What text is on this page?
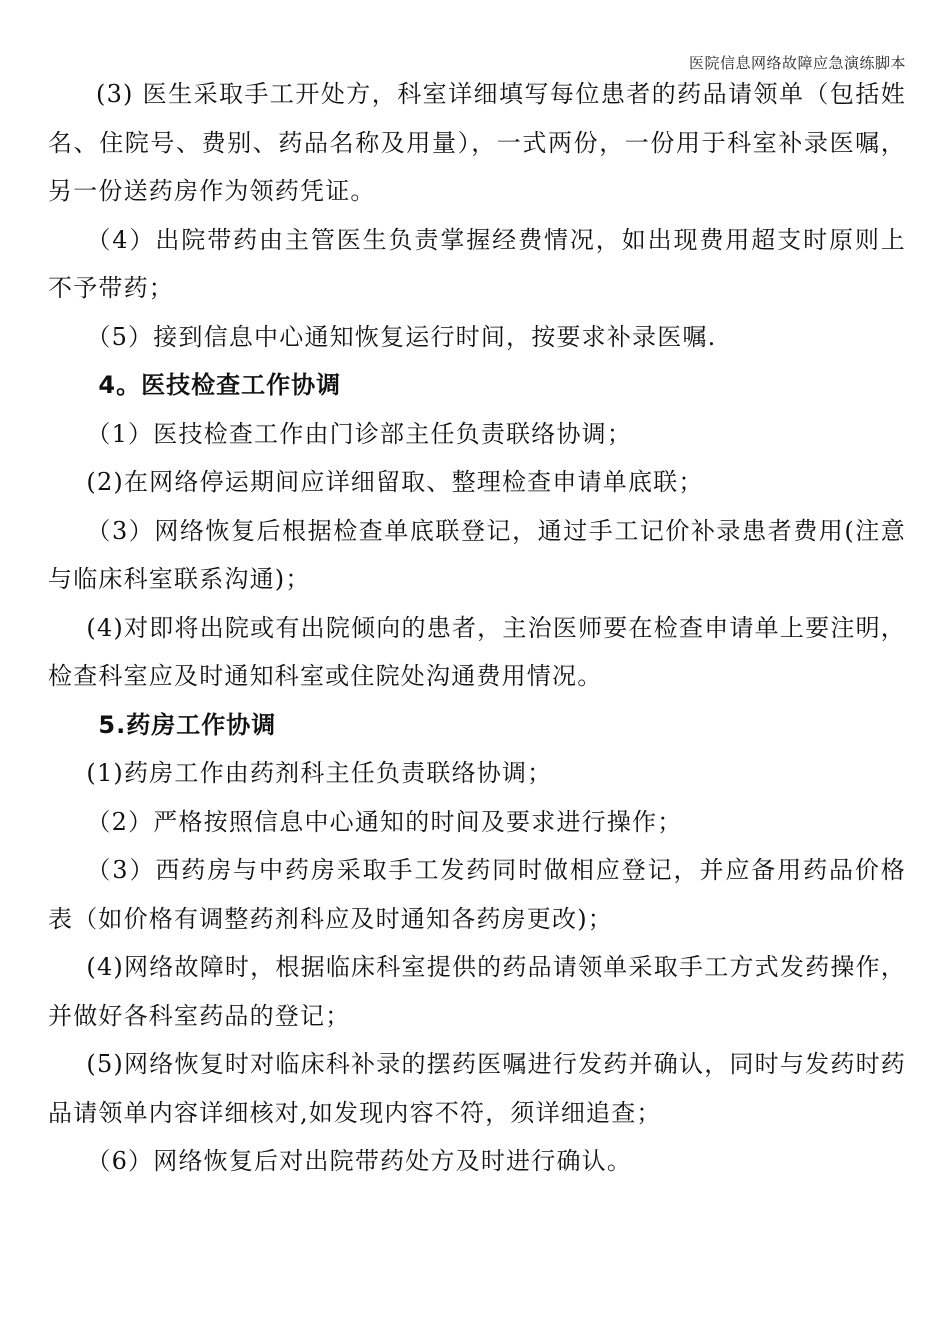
医院信息网络故障应急演练脚本

(3) 医生采取手工开处方，科室详细填写每位患者的药品请领单（包括姓名、住院号、费别、药品名称及用量），一式两份，一份用于科室补录医嘱，另一份送药房作为领药凭证。

（4）出院带药由主管医生负责掌握经费情况，如出现费用超支时原则上不予带药；

（5）接到信息中心通知恢复运行时间，按要求补录医嘱.

4。医技检查工作协调

（1）医技检查工作由门诊部主任负责联络协调；

(2)在网络停运期间应详细留取、整理检查申请单底联；

（3）网络恢复后根据检查单底联登记，通过手工记价补录患者费用(注意与临床科室联系沟通)；

(4)对即将出院或有出院倾向的患者，主治医师要在检查申请单上要注明，检查科室应及时通知科室或住院处沟通费用情况。

5.药房工作协调

(1)药房工作由药剂科主任负责联络协调；

（2）严格按照信息中心通知的时间及要求进行操作；

（3）西药房与中药房采取手工发药同时做相应登记，并应备用药品价格表（如价格有调整药剂科应及时通知各药房更改)；

(4)网络故障时，根据临床科室提供的药品请领单采取手工方式发药操作，并做好各科室药品的登记；

(5)网络恢复时对临床科补录的摆药医嘱进行发药并确认，同时与发药时药品请领单内容详细核对,如发现内容不符，须详细追查；

（6）网络恢复后对出院带药处方及时进行确认。
